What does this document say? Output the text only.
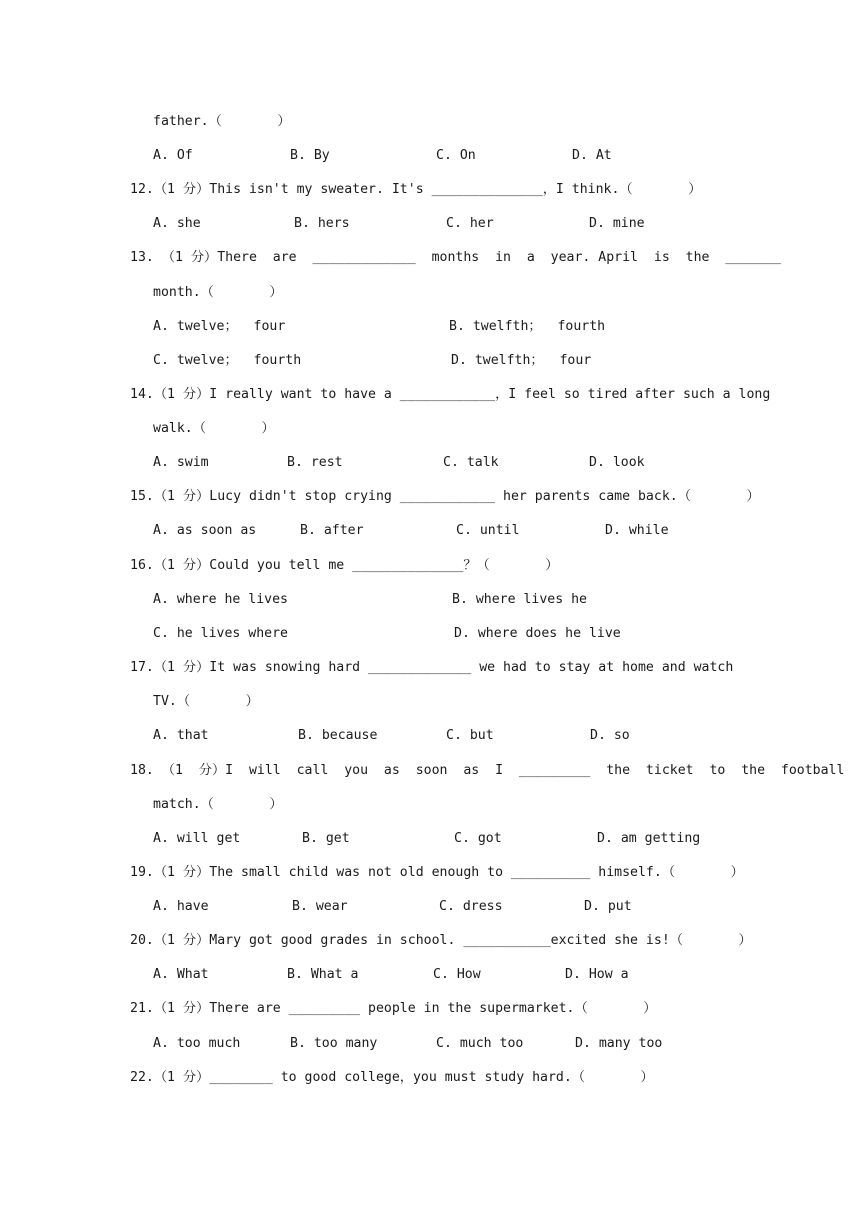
father.（       ）
A. Of	B. By	C. On	D. At
12.（1 分）This isn't my sweater. It's ______________，I think.（       ）
A. she	B. hers	C. her	D. mine
13. （1 分）There  are  _____________  months  in  a  year. April  is  the  _______
month.（       ）
A. twelve；  four	B. twelfth；  fourth
C. twelve；  fourth	D. twelfth；  four
14.（1 分）I really want to have a ____________，I feel so tired after such a long
walk.（       ）
A. swim	B. rest	C. talk	D. look
15.（1 分）Lucy didn't stop crying ____________ her parents came back.（       ）
A. as soon as	B. after	C. until	D. while
16.（1 分）Could you tell me ______________？（       ）
A. where he lives	B. where lives he
C. he lives where	D. where does he live
17.（1 分）It was snowing hard _____________ we had to stay at home and watch
TV.（       ）
A. that	B. because	C. but	D. so
18. （1  分）I  will  call  you  as  soon  as  I  _________  the  ticket  to  the  football
match.（       ）
A. will get	B. get	C. got	D. am getting
19.（1 分）The small child was not old enough to __________ himself.（       ）
A. have	B. wear	C. dress	D. put
20.（1 分）Mary got good grades in school. ___________excited she is!（       ）
A. What	B. What a	C. How	D. How a
21.（1 分）There are _________ people in the supermarket.（       ）
A. too much	B. too many	C. much too	D. many too
22.（1 分）________ to good college，you must study hard.（       ）
